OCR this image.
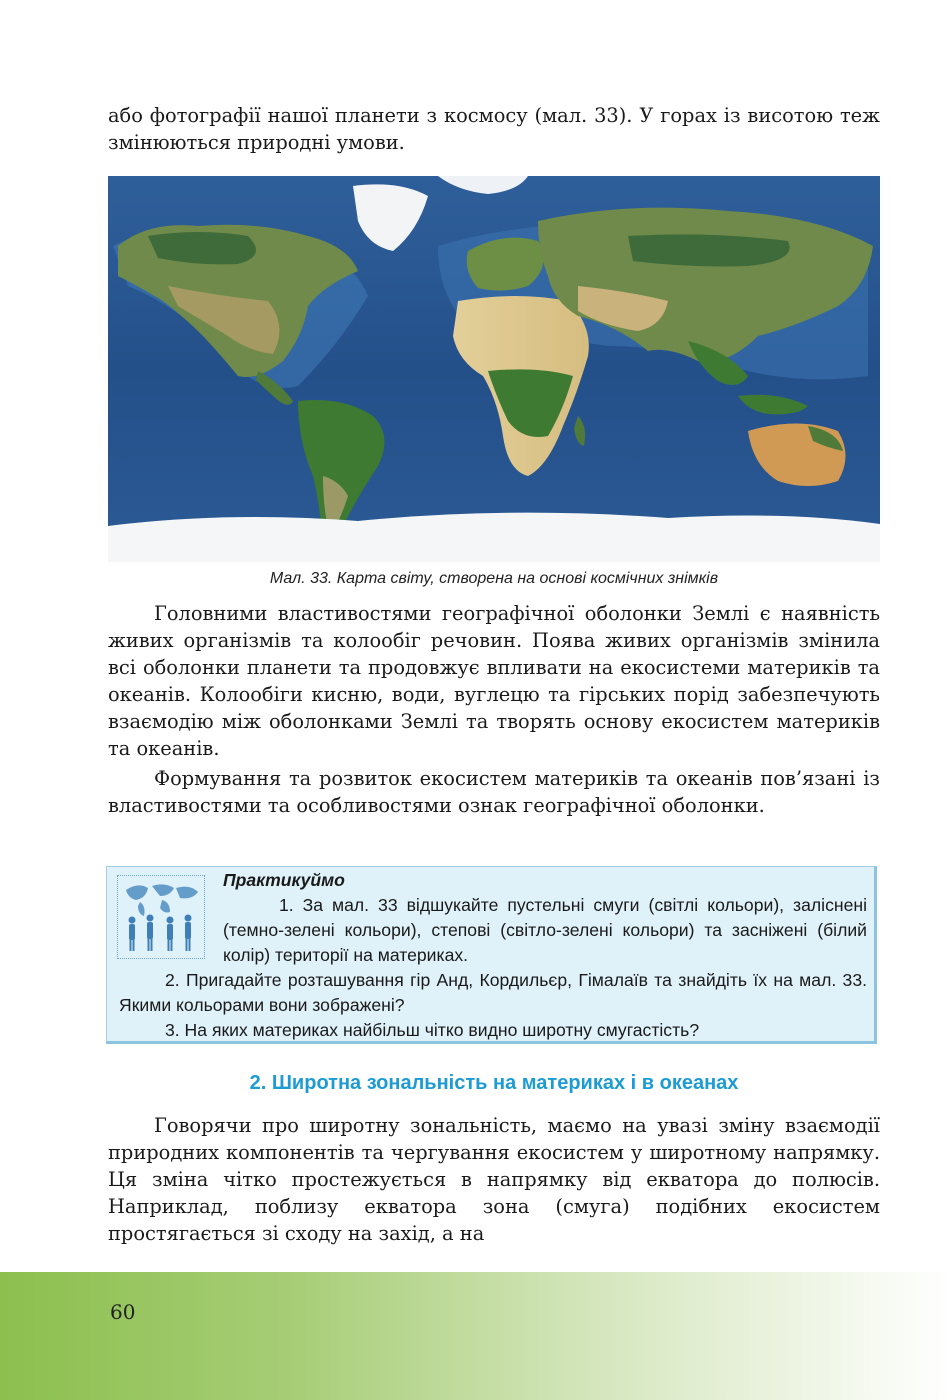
або фотографії нашої планети з космосу (мал. 33). У горах із висотою теж змінюються природні умови.

Мал. 33. Карта світу, створена на основі космічних знімків

Головними властивостями географічної оболонки Землі є наявність живих організмів та колообіг речовин. Поява живих організмів змінила всі оболонки планети та продовжує впливати на екосистеми материків та океанів. Колообіги кисню, води, вуглецю та гірських порід забезпечують взаємодію між оболонками Землі та творять основу екосистем материків та океанів.

Формування та розвиток екосистем материків та океанів пов’язані із властивостями та особливостями ознак географічної оболонки.

Практикуймо

1. За мал. 33 відшукайте пустельні смуги (світлі кольори), заліснені (темно-зелені кольори), степові (світло-зелені кольори) та засніжені (білий колір) території на материках.

2. Пригадайте розташування гір Анд, Кордильєр, Гімалаїв та знайдіть їх на мал. 33. Якими кольорами вони зображені?

3. На яких материках найбільш чітко видно широтну смугастість?

2. Широтна зональність на материках і в океанах

Говорячи про широтну зональність, маємо на увазі зміну взаємодії природних компонентів та чергування екосистем у широтному напрямку. Ця зміна чітко простежується в напрямку від екватора до полюсів. Наприклад, поблизу екватора зона (смуга) подібних екосистем простягається зі сходу на захід, а на

60
